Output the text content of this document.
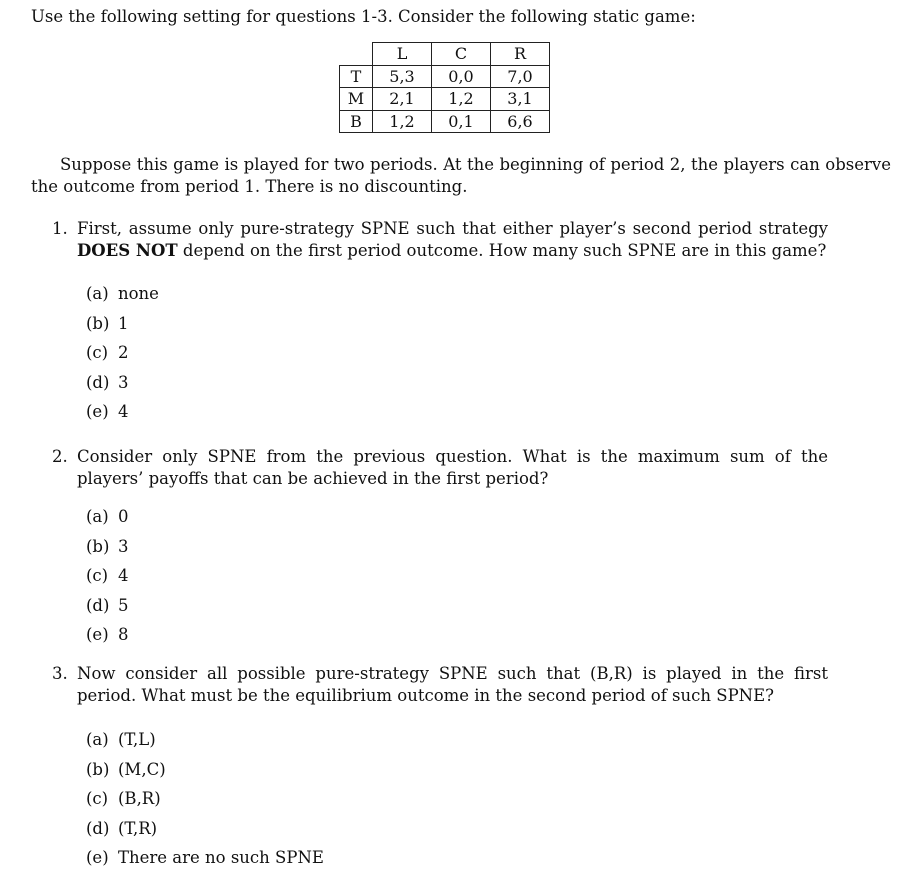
Use the following setting for questions 1-3. Consider the following static game:
	L	C	R
T	5,3	0,0	7,0
M	2,1	1,2	3,1
B	1,2	0,1	6,6
Suppose this game is played for two periods. At the beginning of period 2, the players can observe the outcome from period 1. There is no discounting.
1. First, assume only pure-strategy SPNE such that either player’s second period strategy DOES NOT depend on the first period outcome. How many such SPNE are in this game?
(a) none
(b) 1
(c) 2
(d) 3
(e) 4
2. Consider only SPNE from the previous question. What is the maximum sum of the players’ payoffs that can be achieved in the first period?
(a) 0
(b) 3
(c) 4
(d) 5
(e) 8
3. Now consider all possible pure-strategy SPNE such that (B,R) is played in the first period. What must be the equilibrium outcome in the second period of such SPNE?
(a) (T,L)
(b) (M,C)
(c) (B,R)
(d) (T,R)
(e) There are no such SPNE
